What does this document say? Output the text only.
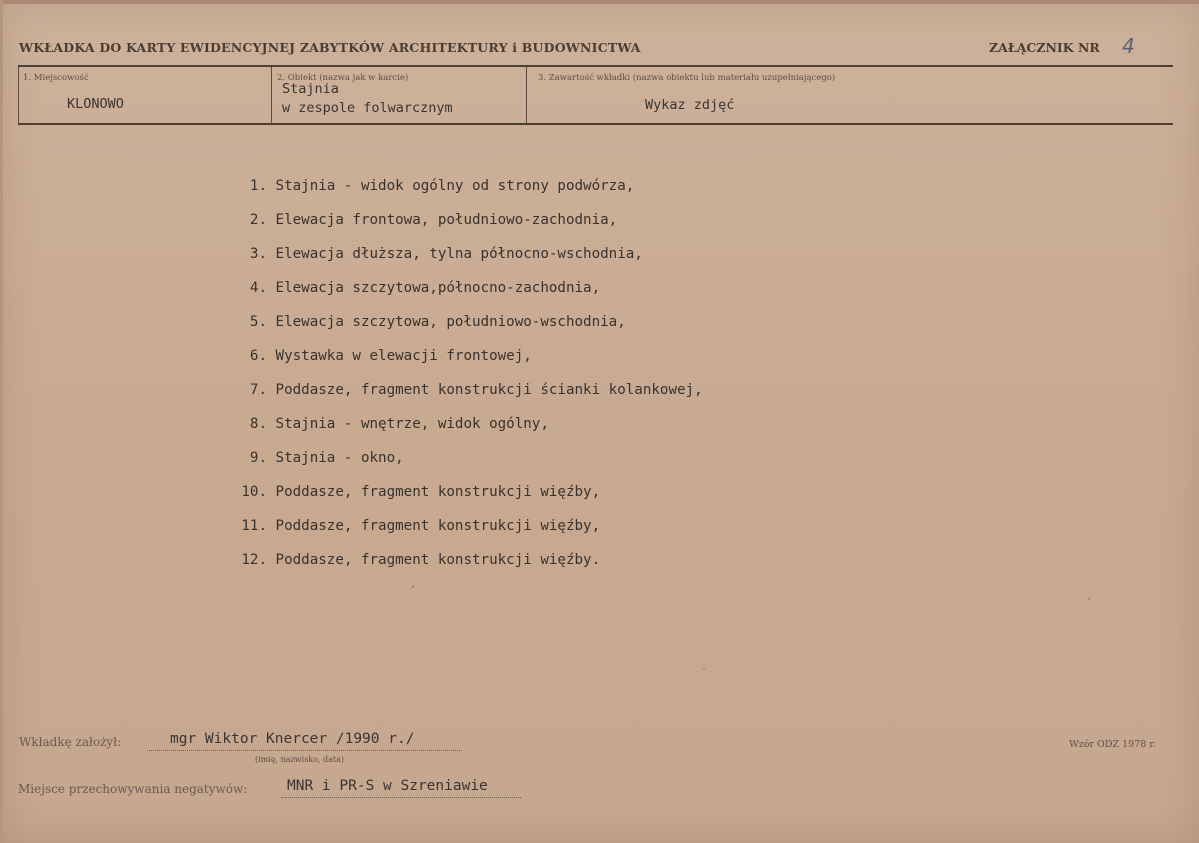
WKŁADKA DO KARTY EWIDENCYJNEJ ZABYTKÓW ARCHITEKTURY i BUDOWNICTWA	ZAŁĄCZNIK NR 4
1. Miejscowość
KLONOWO
2. Obiekt (nazwa jak w karcie)
Stajnia
w zespole folwarcznym
3. Zawartość wkładki (nazwa obiektu lub materiału uzupełniającego)
Wykaz zdjęć
1. Stajnia - widok ogólny od strony podwórza,
2. Elewacja frontowa, południowo-zachodnia,
3. Elewacja dłuższa, tylna północno-wschodnia,
4. Elewacja szczytowa,północno-zachodnia,
5. Elewacja szczytowa, południowo-wschodnia,
6. Wystawka w elewacji frontowej,
7. Poddasze, fragment konstrukcji ścianki kolankowej,
8. Stajnia - wnętrze, widok ogólny,
9. Stajnia - okno,
10. Poddasze, fragment konstrukcji więźby,
11. Poddasze, fragment konstrukcji więźby,
12. Poddasze, fragment konstrukcji więźby.
Wkładkę założył:	mgr Wiktor Knercer /1990 r./
(imię, nazwisko, data)
Miejsce przechowywania negatywów:	MNR i PR-S w Szreniawie
Wzór ODZ 1978 r.
